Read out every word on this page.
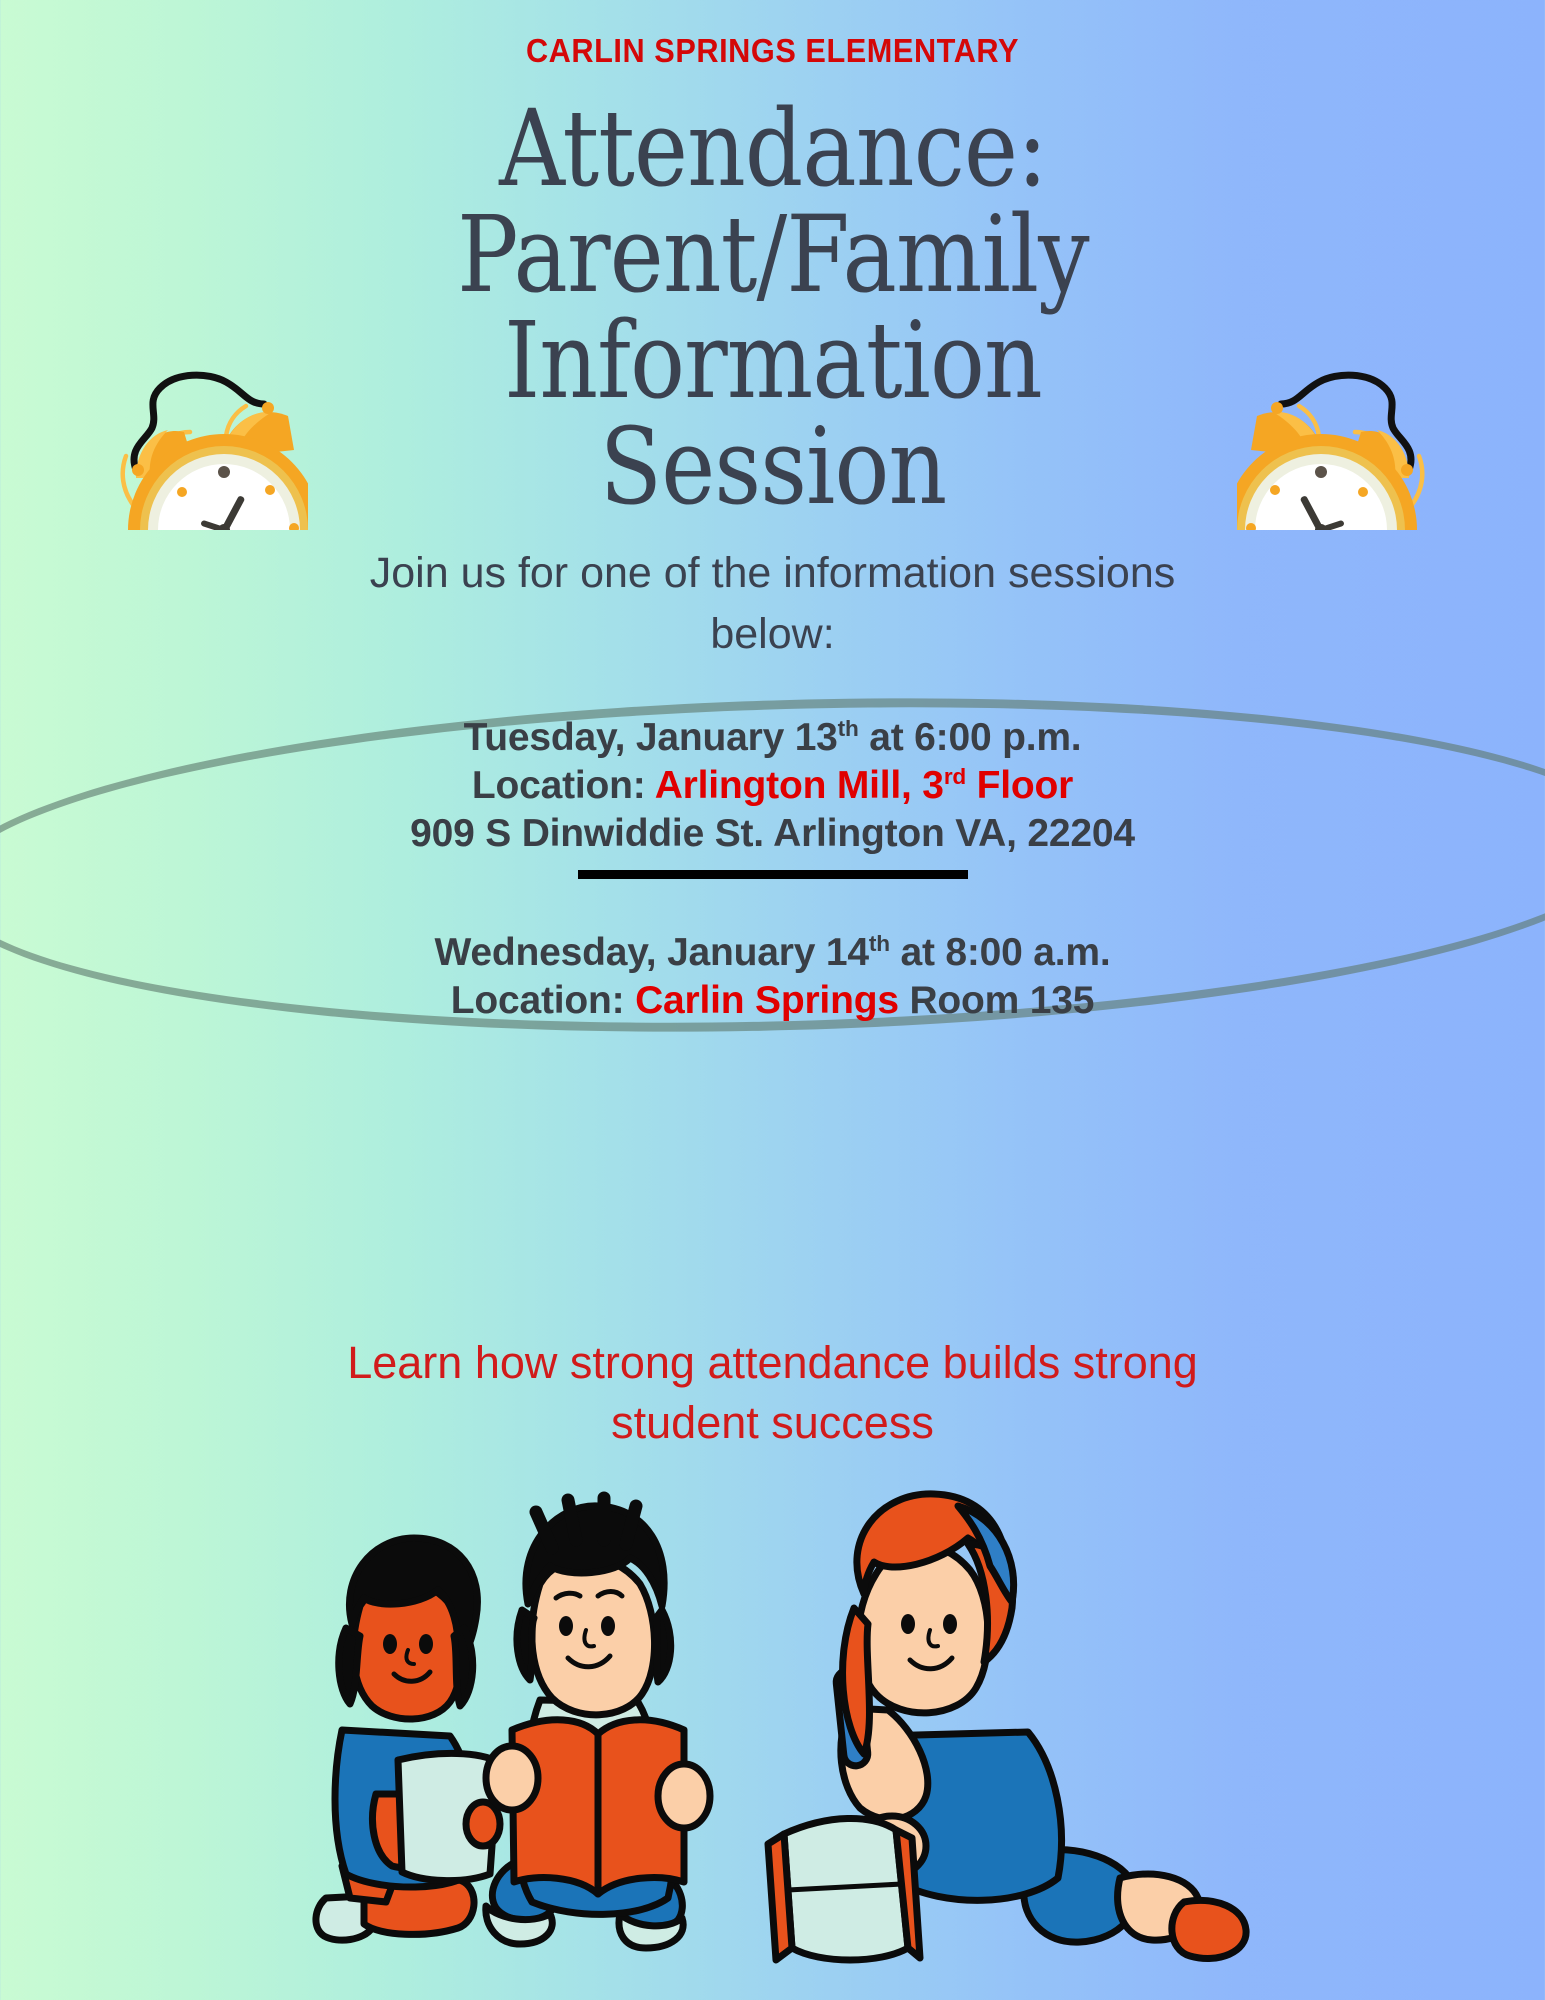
CARLIN SPRINGS ELEMENTARY
Attendance:
Parent/Family
Information
Session
Join us for one of the information sessions below:
Tuesday, January 13th at 6:00 p.m.
Location: Arlington Mill, 3rd Floor
909 S Dinwiddie St. Arlington VA, 22204
Wednesday, January 14th at 8:00 a.m.
Location: Carlin Springs Room 135
Learn how strong attendance builds strong student success
